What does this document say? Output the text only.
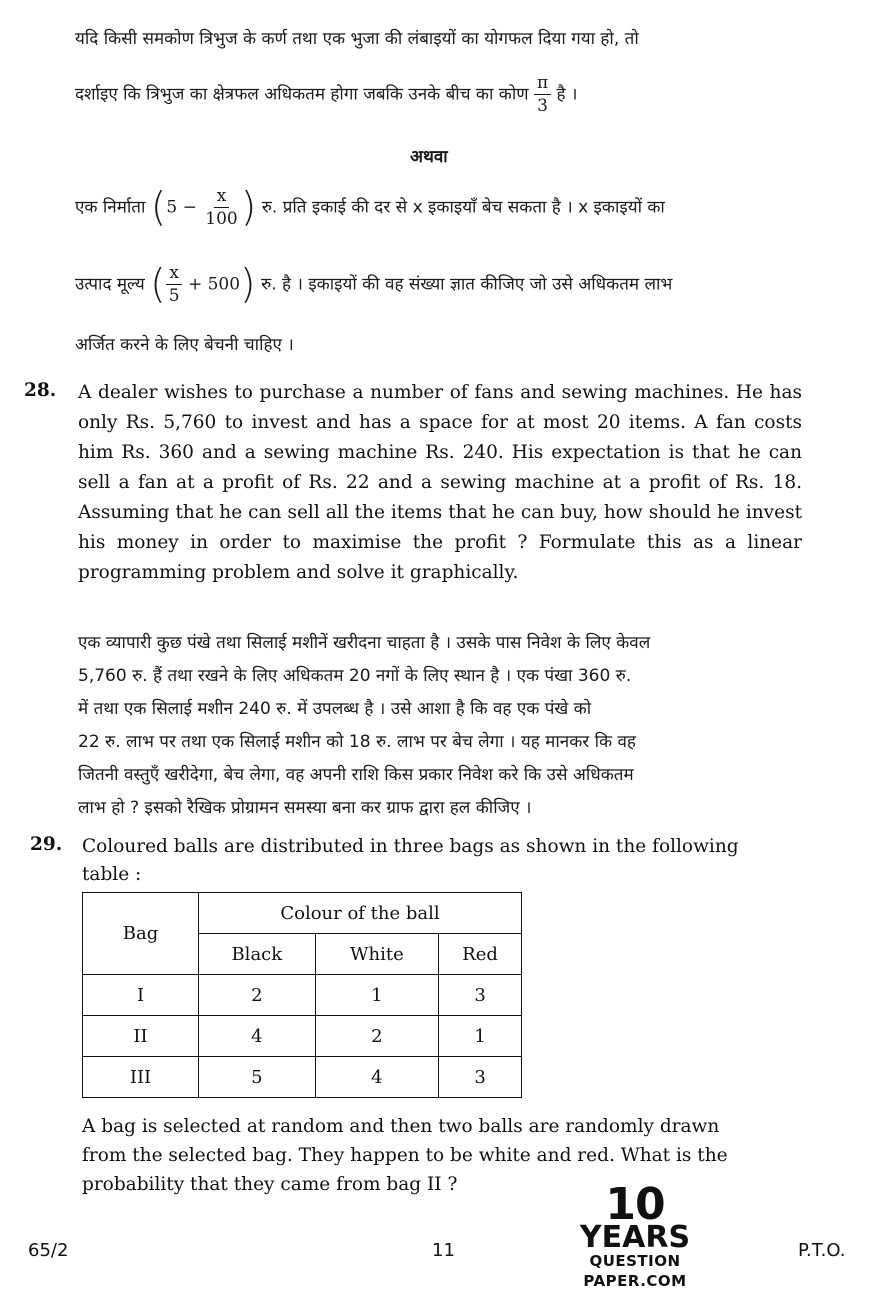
यदि किसी समकोण त्रिभुज के कर्ण तथा एक भुजा की लंबाइयों का योगफल दिया गया हो, तो
दर्शाइए कि त्रिभुज का क्षेत्रफल अधिकतम होगा जबकि उनके बीच का कोण $\frac{\pi}{3}$ है ।
अथवा
एक निर्माता ($5 - \frac{x}{100}$ ) रु. प्रति इकाई की दर से x इकाइयाँ बेच सकता है । x इकाइयों का
उत्पाद मूल्य ( $\frac{x}{5} + 500$) रु. है । इकाइयों की वह संख्या ज्ञात कीजिए जो उसे अधिकतम लाभ
अर्जित करने के लिए बेचनी चाहिए ।
28. A dealer wishes to purchase a number of fans and sewing machines. He has only Rs. 5,760 to invest and has a space for at most 20 items. A fan costs him Rs. 360 and a sewing machine Rs. 240. His expectation is that he can sell a fan at a profit of Rs. 22 and a sewing machine at a profit of Rs. 18. Assuming that he can sell all the items that he can buy, how should he invest his money in order to maximise the profit ? Formulate this as a linear programming problem and solve it graphically.
एक व्यापारी कुछ पंखे तथा सिलाई मशीनें खरीदना चाहता है । उसके पास निवेश के लिए केवल
5,760 रु. हैं तथा रखने के लिए अधिकतम 20 नगों के लिए स्थान है । एक पंखा 360 रु.
में तथा एक सिलाई मशीन 240 रु. में उपलब्ध है । उसे आशा है कि वह एक पंखे को
22 रु. लाभ पर तथा एक सिलाई मशीन को 18 रु. लाभ पर बेच लेगा । यह मानकर कि वह
जितनी वस्तुएँ खरीदेगा, बेच लेगा, वह अपनी राशि किस प्रकार निवेश करे कि उसे अधिकतम
लाभ हो ? इसको रैखिक प्रोग्रामन समस्या बना कर ग्राफ द्वारा हल कीजिए ।
29. Coloured balls are distributed in three bags as shown in the following
table :
Bag	Colour of the ball		
	Black	White	Red
I	2	1	3
II	4	2	1
III	5	4	3
A bag is selected at random and then two balls are randomly drawn
from the selected bag. They happen to be white and red. What is the
probability that they came from bag II ?
65/2	11	P.T.O.
10
YEARS
QUESTION PAPER.COM
